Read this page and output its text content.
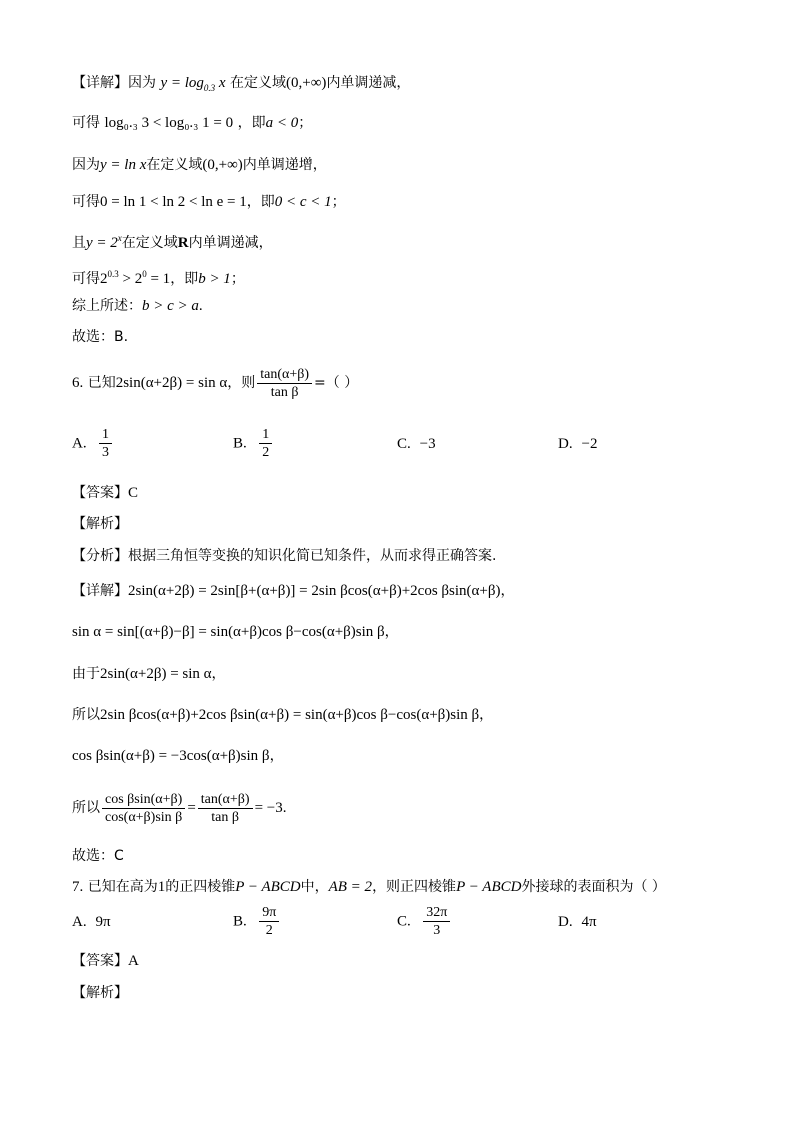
【详解】因为 $y = \log_{0.3} x$ 在定义域(0,+∞)内单调递减，
可得 log₀.₃ 3 < log₀.₃ 1 = 0 ，即a < 0；
因为y = ln x在定义域(0,+∞)内单调递增，
可得0 = ln 1 < ln 2 < ln e = 1，即0 < c < 1；
且$y = 2^x$在定义域R内单调递减，
可得$2^{0.3} > 2^0 = 1$，即b > 1；
综上所述：b > c > a.
故选：B.
6. 已知2sin(α+2β) = sin α，则 $\frac{\tan(\alpha+\beta)}{\text{tan β}}$ =（ ）
A. $\frac{1}{3}$	B. $\frac{1}{2}$	C. −3	D. −2
【答案】C
【解析】
【分析】根据三角恒等变换的知识化简已知条件，从而求得正确答案.
【详解】2sin(α+2β) = 2sin[β+(α+β)] = 2sin βcos(α+β)+2cos βsin(α+β)，
sin α = sin[(α+β)−β] = sin(α+β)cos β−cos(α+β)sin β，
由于2sin(α+2β) = sin α，
所以2sin βcos(α+β)+2cos βsin(α+β) = sin(α+β)cos β−cos(α+β)sin β，
cos βsin(α+β) = −3cos(α+β)sin β，
所以 $\frac{\text{cos βsin(α+β)}}{\text{cos(α+β)sin β}} = \frac{\tan(\alpha+\beta)}{\text{tan β}} = -3$.
故选：C
7. 已知在高为1的正四棱锥P − ABCD中，AB = 2，则正四棱锥P − ABCD外接球的表面积为（ ）
A. 9π	B. $\frac{9\pi}{2}$	C. $\frac{32\pi}{3}$	D. 4π
【答案】A
【解析】
